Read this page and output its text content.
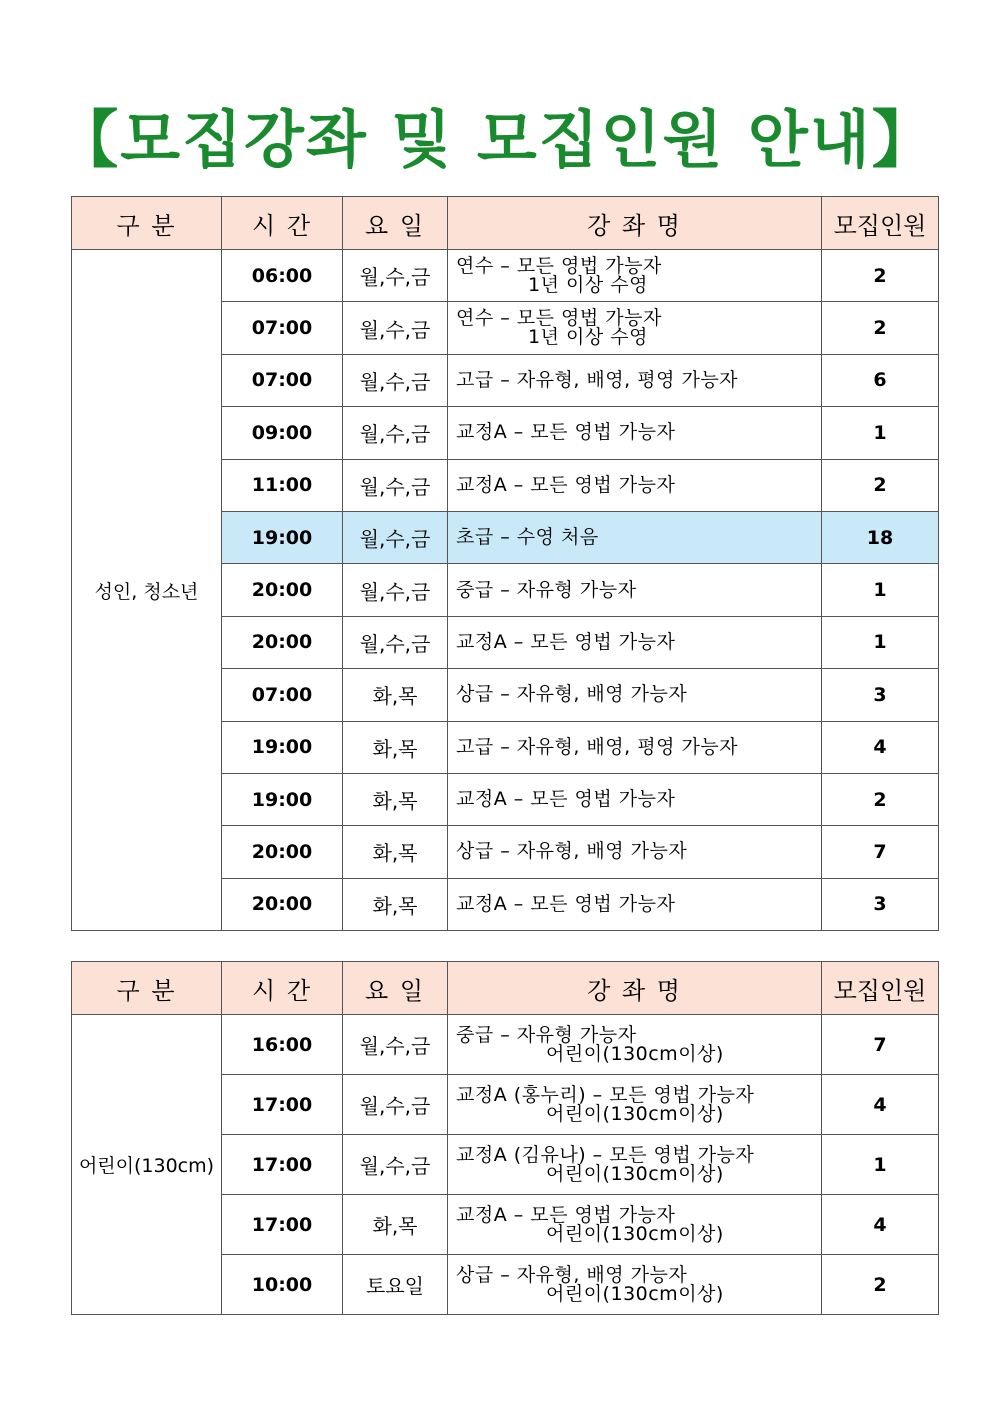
【모집강좌 및 모집인원 안내】
구 분	시 간	요 일	강 좌 명	모집인원
성인, 청소년	06:00	월,수,금	연수 – 모든 영법 가능자
1년 이상 수영	2
	07:00	월,수,금	연수 – 모든 영법 가능자
1년 이상 수영	2
	07:00	월,수,금	고급 – 자유형, 배영, 평영 가능자	6
	09:00	월,수,금	교정A – 모든 영법 가능자	1
	11:00	월,수,금	교정A – 모든 영법 가능자	2
	19:00	월,수,금	초급 – 수영 처음	18
	20:00	월,수,금	중급 – 자유형 가능자	1
	20:00	월,수,금	교정A – 모든 영법 가능자	1
	07:00	화,목	상급 – 자유형, 배영 가능자	3
	19:00	화,목	고급 – 자유형, 배영, 평영 가능자	4
	19:00	화,목	교정A – 모든 영법 가능자	2
	20:00	화,목	상급 – 자유형, 배영 가능자	7
	20:00	화,목	교정A – 모든 영법 가능자	3
구 분	시 간	요 일	강 좌 명	모집인원
어린이(130cm)	16:00	월,수,금	중급 – 자유형 가능자
어린이(130cm이상)	7
	17:00	월,수,금	교정A (홍누리) – 모든 영법 가능자
어린이(130cm이상)	4
	17:00	월,수,금	교정A (김유나) – 모든 영법 가능자
어린이(130cm이상)	1
	17:00	화,목	교정A – 모든 영법 가능자
어린이(130cm이상)	4
	10:00	토요일	상급 – 자유형, 배영 가능자
어린이(130cm이상)	2
